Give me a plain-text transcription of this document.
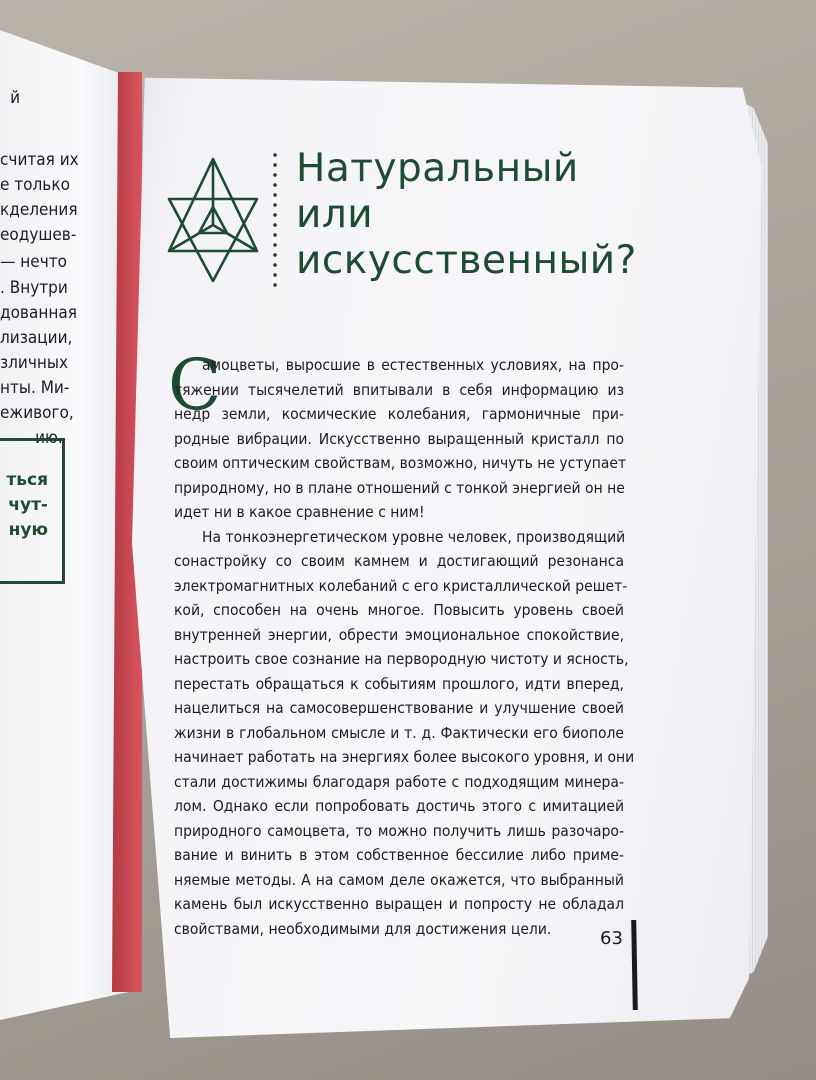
й
считая их
е только
кделения
еодушев-
— нечто
. Внутри
дованная
лизации,
зличных
нты. Ми-
еживого,
ию.
ться
чут-
ную
Натуральный
или
искусственный?
С
амоцветы, выросшие в естественных условиях, на про-
тяжении тысячелетий впитывали в себя информацию из
недр земли, космические колебания, гармоничные при-
родные вибрации. Искусственно выращенный кристалл по
своим оптическим свойствам, возможно, ничуть не уступает
природному, но в плане отношений с тонкой энергией он не
идет ни в какое сравнение с ним!
На тонкоэнергетическом уровне человек, производящий
сонастройку со своим камнем и достигающий резонанса
электромагнитных колебаний с его кристаллической решет-
кой, способен на очень многое. Повысить уровень своей
внутренней энергии, обрести эмоциональное спокойствие,
настроить свое сознание на первородную чистоту и ясность,
перестать обращаться к событиям прошлого, идти вперед,
нацелиться на самосовершенствование и улучшение своей
жизни в глобальном смысле и т. д. Фактически его биополе
начинает работать на энергиях более высокого уровня, и они
стали достижимы благодаря работе с подходящим минера-
лом. Однако если попробовать достичь этого с имитацией
природного самоцвета, то можно получить лишь разочаро-
вание и винить в этом собственное бессилие либо приме-
няемые методы. А на самом деле окажется, что выбранный
камень был искусственно выращен и попросту не обладал
свойствами, необходимыми для достижения цели.	63
